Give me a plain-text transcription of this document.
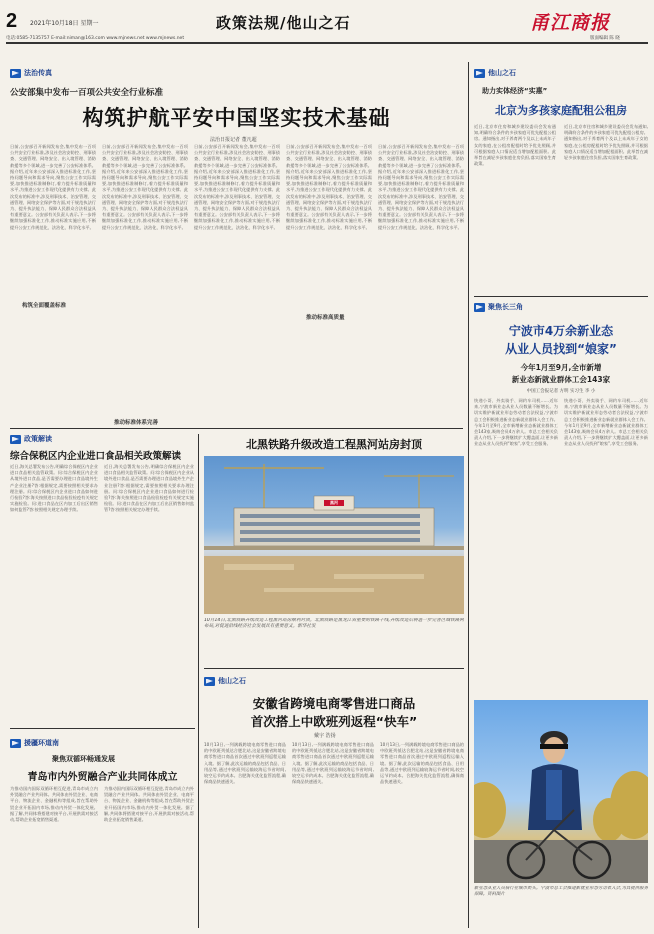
2 2021年10月18日 星期一	政策法规/他山之石	甬江商报
电话:0585-7135757 E-mail:niman@163.com www.mjnews.net www.mjnews.net	版面编辑 陈 晓
法治传真
公安部集中发布一百项公共安全行业标准
构筑护航平安中国坚实技术基础
法治日报记者 董凡超
日前,公安部召开新闻发布会,集中发布一百项公共安全行业标准,涉及社会治安防控、刑事侦查、交通管理、网络安全、出入境管理、消防救援等多个领域,进一步完善了公安标准体系。据介绍,近年来公安部深入推进标准化工作,坚持问题导向和需求导向,聚焦公安工作实际需要,加快推进标准制修订,着力提升标准质量和水平,为推进公安工作现代化提供有力支撑。此次发布的标准中,涉及刑事技术、治安管理、交通管理、网络安全保护等方面,对于规范执法行为、提升执法能力、保障人民群众合法权益具有重要意义。公安部有关负责人表示,下一步将继续加强标准化工作,推动标准实施应用,不断提升公安工作规范化、法治化、科学化水平。
日前,公安部召开新闻发布会,集中发布一百项公共安全行业标准,涉及社会治安防控、刑事侦查、交通管理、网络安全、出入境管理、消防救援等多个领域,进一步完善了公安标准体系。据介绍,近年来公安部深入推进标准化工作,坚持问题导向和需求导向,聚焦公安工作实际需要,加快推进标准制修订,着力提升标准质量和水平,为推进公安工作现代化提供有力支撑。此次发布的标准中,涉及刑事技术、治安管理、交通管理、网络安全保护等方面,对于规范执法行为、提升执法能力、保障人民群众合法权益具有重要意义。公安部有关负责人表示,下一步将继续加强标准化工作,推动标准实施应用,不断提升公安工作规范化、法治化、科学化水平。
日前,公安部召开新闻发布会,集中发布一百项公共安全行业标准,涉及社会治安防控、刑事侦查、交通管理、网络安全、出入境管理、消防救援等多个领域,进一步完善了公安标准体系。据介绍,近年来公安部深入推进标准化工作,坚持问题导向和需求导向,聚焦公安工作实际需要,加快推进标准制修订,着力提升标准质量和水平,为推进公安工作现代化提供有力支撑。此次发布的标准中,涉及刑事技术、治安管理、交通管理、网络安全保护等方面,对于规范执法行为、提升执法能力、保障人民群众合法权益具有重要意义。公安部有关负责人表示,下一步将继续加强标准化工作,推动标准实施应用,不断提升公安工作规范化、法治化、科学化水平。
日前,公安部召开新闻发布会,集中发布一百项公共安全行业标准,涉及社会治安防控、刑事侦查、交通管理、网络安全、出入境管理、消防救援等多个领域,进一步完善了公安标准体系。据介绍,近年来公安部深入推进标准化工作,坚持问题导向和需求导向,聚焦公安工作实际需要,加快推进标准制修订,着力提升标准质量和水平,为推进公安工作现代化提供有力支撑。此次发布的标准中,涉及刑事技术、治安管理、交通管理、网络安全保护等方面,对于规范执法行为、提升执法能力、保障人民群众合法权益具有重要意义。公安部有关负责人表示,下一步将继续加强标准化工作,推动标准实施应用,不断提升公安工作规范化、法治化、科学化水平。
日前,公安部召开新闻发布会,集中发布一百项公共安全行业标准,涉及社会治安防控、刑事侦查、交通管理、网络安全、出入境管理、消防救援等多个领域,进一步完善了公安标准体系。据介绍,近年来公安部深入推进标准化工作,坚持问题导向和需求导向,聚焦公安工作实际需要,加快推进标准制修订,着力提升标准质量和水平,为推进公安工作现代化提供有力支撑。此次发布的标准中,涉及刑事技术、治安管理、交通管理、网络安全保护等方面,对于规范执法行为、提升执法能力、保障人民群众合法权益具有重要意义。公安部有关负责人表示,下一步将继续加强标准化工作,推动标准实施应用,不断提升公安工作规范化、法治化、科学化水平。
构筑全面覆盖标准
推动标准体系完善
推动标准高质量
政策解读
综合保税区内企业进口食品相关政策解读
近日,海关总署发布公告,明确综合保税区内企业进口食品相关监管政策。问:综合保税区内企业从境外进口食品,是否需要办理进口食品境外生产企业注册?答:根据规定,需要按照相关要求办理注册。问:综合保税区内企业进口食品如何进行检验?答:海关按照进口食品检验检疫有关规定实施检验。问:进口食品在区内加工后出区销售如何监管?答:按照相关规定办理手续。
近日,海关总署发布公告,明确综合保税区内企业进口食品相关监管政策。问:综合保税区内企业从境外进口食品,是否需要办理进口食品境外生产企业注册?答:根据规定,需要按照相关要求办理注册。问:综合保税区内企业进口食品如何进行检验?答:海关按照进口食品检验检疫有关规定实施检验。问:进口食品在区内加工后出区销售如何监管?答:按照相关规定办理手续。
援疆环道南
聚焦双循环畅通发展
青岛市内外贸融合产业共同体成立
为推动国内国际双循环相互促进,青岛市成立内外贸融合产业共同体。共同体由外贸企业、电商平台、物流企业、金融机构等组成,旨在帮助外贸企业开拓国内市场,推动内外贸一体化发展。据了解,共同体将搭建对接平台,开展供需对接活动,帮助企业拓宽销售渠道。
为推动国内国际双循环相互促进,青岛市成立内外贸融合产业共同体。共同体由外贸企业、电商平台、物流企业、金融机构等组成,旨在帮助外贸企业开拓国内市场,推动内外贸一体化发展。据了解,共同体将搭建对接平台,开展供需对接活动,帮助企业拓宽销售渠道。
北黑铁路升级改造工程黑河站房封顶
黑河
10月14日,北黑铁路升级改造工程黑河站房顺利封顶。北黑铁路是黑龙江省重要的铁路干线,升级改造后将进一步完善区域铁路网布局,对促进沿线经济社会发展具有重要意义。新华社发
他山之石
安徽省跨境电商零售进口商品
首次搭上中欧班列返程“快车”
戴宇 浩扬
10月13日,一列满载跨境电商零售进口商品的中欧班列抵达合肥北站,这是安徽省跨境电商零售进口商品首次通过中欧班列返程运输入境。据了解,此次运输的商品包括食品、日用品等,通过中欧班列运输较海运节省时间,较空运节约成本。合肥海关优化监管流程,确保商品快速通关。
10月13日,一列满载跨境电商零售进口商品的中欧班列抵达合肥北站,这是安徽省跨境电商零售进口商品首次通过中欧班列返程运输入境。据了解,此次运输的商品包括食品、日用品等,通过中欧班列运输较海运节省时间,较空运节约成本。合肥海关优化监管流程,确保商品快速通关。
10月13日,一列满载跨境电商零售进口商品的中欧班列抵达合肥北站,这是安徽省跨境电商零售进口商品首次通过中欧班列返程运输入境。据了解,此次运输的商品包括食品、日用品等,通过中欧班列运输较海运节省时间,较空运节约成本。合肥海关优化监管流程,确保商品快速通关。
他山之石
助力实体经济“实惠”
北京为多孩家庭配租公租房
近日,北京市住房和城乡建设委员会发布通知,明确符合条件的多孩家庭可优先配租公租房。通知指出,对于养育两个及以上未成年子女的家庭,在公租房配租时给予优先照顾,并可根据家庭人口情况适当增加配租面积。此举旨在减轻多孩家庭住房负担,落实国家生育政策。
近日,北京市住房和城乡建设委员会发布通知,明确符合条件的多孩家庭可优先配租公租房。通知指出,对于养育两个及以上未成年子女的家庭,在公租房配租时给予优先照顾,并可根据家庭人口情况适当增加配租面积。此举旨在减轻多孩家庭住房负担,落实国家生育政策。
聚焦长三角
宁波市4万余新业态
从业人员找到“娘家”
今年1月至9月,全市新增
新业态新就业群体工会143家
中国工会报记者 方明 实习生 李 小
快递小哥、外卖骑手、网约车司机……近年来,宁波市新业态从业人员数量不断增长。为切实维护新就业形态劳动者合法权益,宁波市总工会积极推进新业态新就业群体入会工作。今年1月至9月,全市新增新业态新就业群体工会143家,吸纳会员4万余人。市总工会相关负责人介绍,下一步将继续扩大覆盖面,让更多新业态从业人员找到“娘家”,享受工会服务。
快递小哥、外卖骑手、网约车司机……近年来,宁波市新业态从业人员数量不断增长。为切实维护新就业形态劳动者合法权益,宁波市总工会积极推进新业态新就业群体入会工作。今年1月至9月,全市新增新业态新就业群体工会143家,吸纳会员4万余人。市总工会相关负责人介绍,下一步将继续扩大覆盖面,让更多新业态从业人员找到“娘家”,享受工会服务。
新业态从业人员骑行在城市街头。宁波市总工会推进新就业形态劳动者入会,为其提供服务保障。资料图片
